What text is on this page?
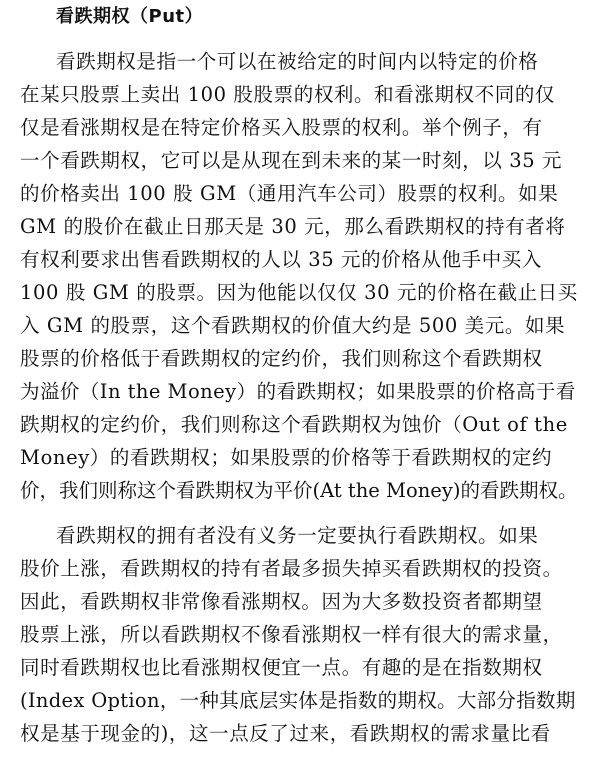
看跌期权（Put）
看跌期权是指一个可以在被给定的时间内以特定的价格
在某只股票上卖出 100 股股票的权利。和看涨期权不同的仅
仅是看涨期权是在特定价格买入股票的权利。举个例子，有
一个看跌期权，它可以是从现在到未来的某一时刻，以 35 元
的价格卖出 100 股 GM（通用汽车公司）股票的权利。如果
GM 的股价在截止日那天是 30 元，那么看跌期权的持有者将
有权利要求出售看跌期权的人以 35 元的价格从他手中买入
100 股 GM 的股票。因为他能以仅仅 30 元的价格在截止日买
入 GM 的股票，这个看跌期权的价值大约是 500 美元。如果
股票的价格低于看跌期权的定约价，我们则称这个看跌期权
为溢价（In the Money）的看跌期权；如果股票的价格高于看
跌期权的定约价，我们则称这个看跌期权为蚀价（Out of the
Money）的看跌期权；如果股票的价格等于看跌期权的定约
价，我们则称这个看跌期权为平价(At the Money)的看跌期权。
看跌期权的拥有者没有义务一定要执行看跌期权。如果
股价上涨，看跌期权的持有者最多损失掉买看跌期权的投资。
因此，看跌期权非常像看涨期权。因为大多数投资者都期望
股票上涨，所以看跌期权不像看涨期权一样有很大的需求量，
同时看跌期权也比看涨期权便宜一点。有趣的是在指数期权
(Index Option，一种其底层实体是指数的期权。大部分指数期
权是基于现金的)，这一点反了过来，看跌期权的需求量比看
